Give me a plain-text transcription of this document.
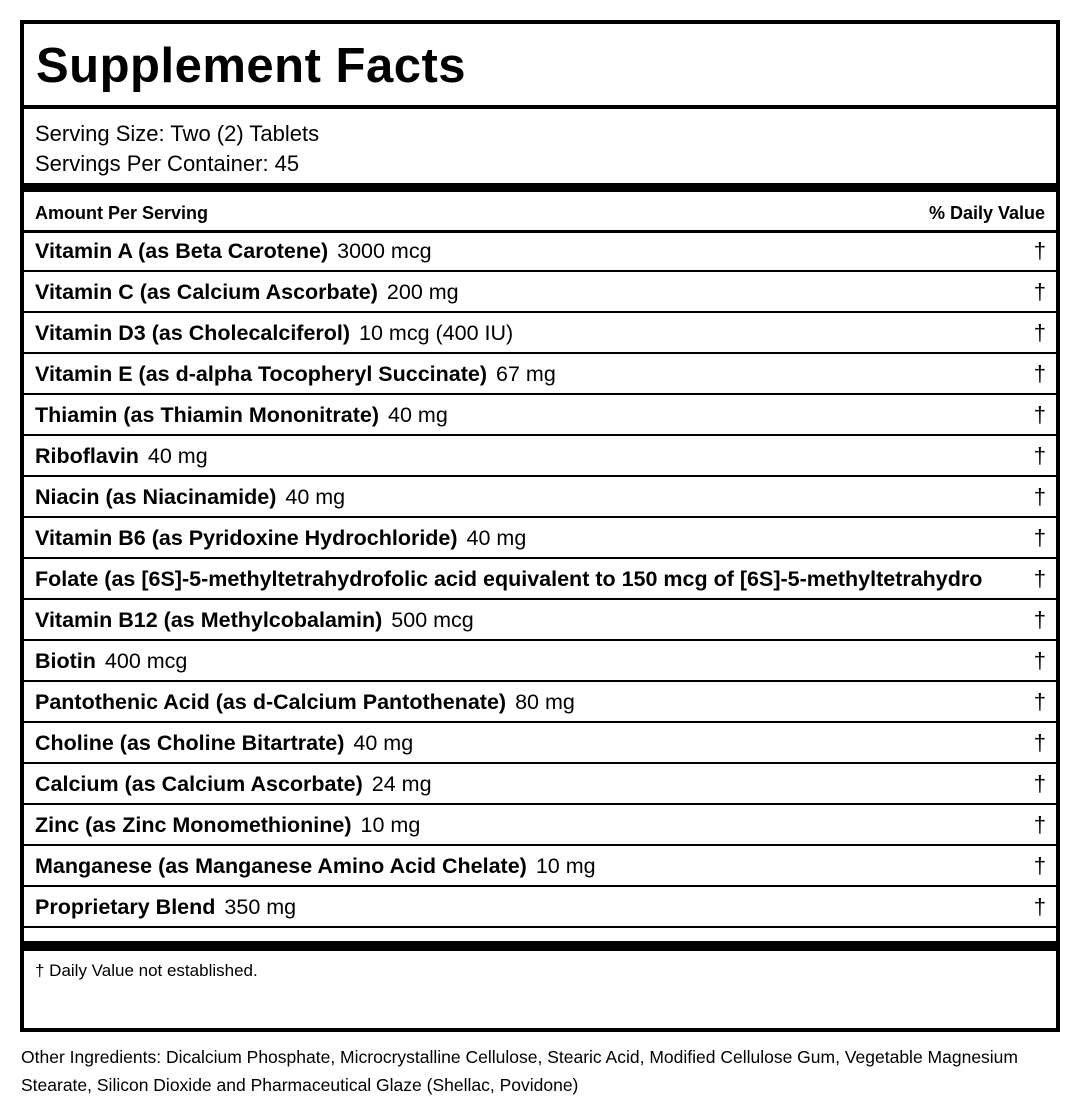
Supplement Facts
Serving Size: Two (2) Tablets
Servings Per Container: 45
Amount Per Serving	% Daily Value
Vitamin A (as Beta Carotene) 3000 mcg	†
Vitamin C (as Calcium Ascorbate) 200 mg	†
Vitamin D3 (as Cholecalciferol) 10 mcg (400 IU)	†
Vitamin E (as d-alpha Tocopheryl Succinate) 67 mg	†
Thiamin (as Thiamin Mononitrate) 40 mg	†
Riboflavin 40 mg	†
Niacin (as Niacinamide) 40 mg	†
Vitamin B6 (as Pyridoxine Hydrochloride) 40 mg	†
Folate (as [6S]-5-methyltetrahydrofolic acid equivalent to 150 mcg of [6S]-5-methyltetrahydro †
Vitamin B12 (as Methylcobalamin) 500 mcg	†
Biotin 400 mcg	†
Pantothenic Acid (as d-Calcium Pantothenate) 80 mg	†
Choline (as Choline Bitartrate) 40 mg	†
Calcium (as Calcium Ascorbate) 24 mg	†
Zinc (as Zinc Monomethionine) 10 mg	†
Manganese (as Manganese Amino Acid Chelate) 10 mg	†
Proprietary Blend 350 mg	†
† Daily Value not established.
Other Ingredients: Dicalcium Phosphate, Microcrystalline Cellulose, Stearic Acid, Modified Cellulose Gum, Vegetable Magnesium Stearate, Silicon Dioxide and Pharmaceutical Glaze (Shellac, Povidone)
